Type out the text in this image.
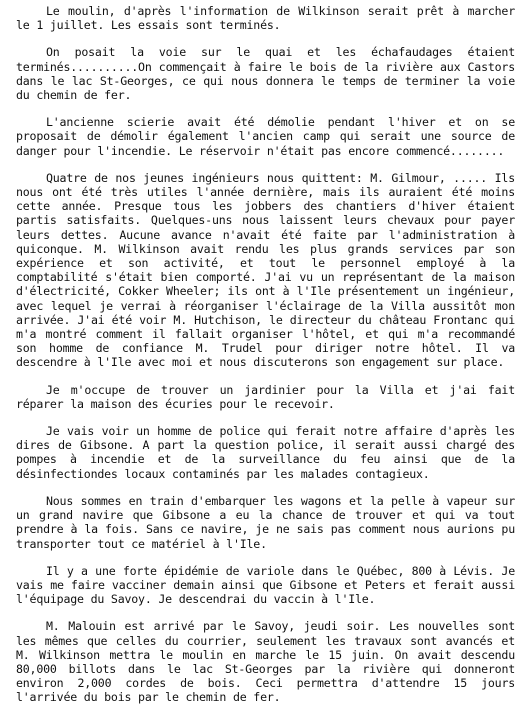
Le moulin, d'après l'information de Wilkinson serait prêt à marcher le 1 juillet. Les essais sont terminés.

On posait la voie sur le quai et les échafaudages étaient terminés..........On commençait à faire le bois de la rivière aux Castors dans le lac St-Georges, ce qui nous donnera le temps de terminer la voie du chemin de fer.

L'ancienne scierie avait été démolie pendant l'hiver et on se proposait de démolir également l'ancien camp qui serait une source de danger pour l'incendie. Le réservoir n'était pas encore commencé........

Quatre de nos jeunes ingénieurs nous quittent: M. Gilmour, ..... Ils nous ont été très utiles l'année dernière, mais ils auraient été moins cette année. Presque tous les jobbers des chantiers d'hiver étaient partis satisfaits. Quelques-uns nous laissent leurs chevaux pour payer leurs dettes. Aucune avance n'avait été faite par l'administration à quiconque. M. Wilkinson avait rendu les plus grands services par son expérience et son activité, et tout le personnel employé à la comptabilité s'était bien comporté. J'ai vu un représentant de la maison d'électricité, Cokker Wheeler; ils ont à l'Ile présentement un ingénieur, avec lequel je verrai à réorganiser l'éclairage de la Villa aussitôt mon arrivée. J'ai été voir M. Hutchison, le directeur du château Frontanc qui m'a montré comment il fallait organiser l'hôtel, et qui m'a recommandé son homme de confiance M. Trudel pour diriger notre hôtel. Il va descendre à l'Ile avec moi et nous discuterons son engagement sur place.

Je m'occupe de trouver un jardinier pour la Villa et j'ai fait réparer la maison des écuries pour le recevoir.

Je vais voir un homme de police qui ferait notre affaire d'après les dires de Gibsone. A part la question police, il serait aussi chargé des pompes à incendie et de la surveillance du feu ainsi que de la désinfectiondes locaux contaminés par les malades contagieux.

Nous sommes en train d'embarquer les wagons et la pelle à vapeur sur un grand navire que Gibsone a eu la chance de trouver et qui va tout prendre à la fois. Sans ce navire, je ne sais pas comment nous aurions pu transporter tout ce matériel à l'Ile.

Il y a une forte épidémie de variole dans le Québec, 800 à Lévis. Je vais me faire vacciner demain ainsi que Gibsone et Peters et ferait aussi l'équipage du Savoy. Je descendrai du vaccin à l'Ile.

M. Malouin est arrivé par le Savoy, jeudi soir. Les nouvelles sont les mêmes que celles du courrier, seulement les travaux sont avancés et M. Wilkinson mettra le moulin en marche le 15 juin. On avait descendu 80,000 billots dans le lac St-Georges par la rivière qui donneront environ 2,000 cordes de bois. Ceci permettra d'attendre 15 jours l'arrivée du bois par le chemin de fer.
